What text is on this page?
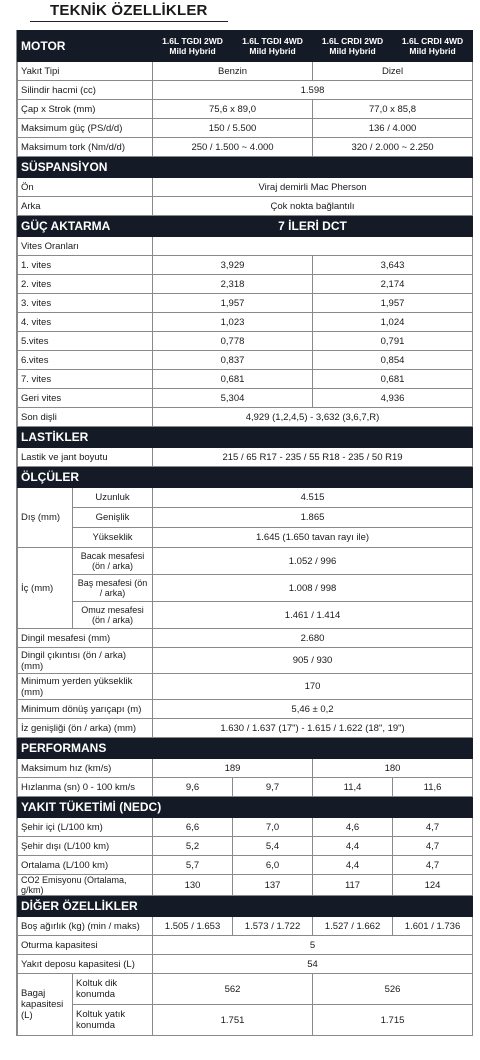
TEKNİK ÖZELLİKLER
MOTOR		1.6L TGDI 2WD Mild Hybrid	1.6L TGDI 4WD Mild Hybrid	1.6L CRDI 2WD Mild Hybrid	1.6L CRDI 4WD Mild Hybrid
Yakıt Tipi		Benzin		Dizel	
Silindir hacmi (cc)		1.598			
Çap x Strok (mm)		75,6 x 89,0		77,0 x 85,8	
Maksimum güç (PS/d/d)		150 / 5.500		136 / 4.000	
Maksimum tork (Nm/d/d)		250 / 1.500 ~ 4.000		320 / 2.000 ~ 2.250	
SÜSPANSİYON					
Ön		Viraj demirli Mac Pherson			
Arka		Çok nokta bağlantılı			
GÜÇ AKTARMA		7 İLERİ DCT			
Vites Oranları					
1. vites		3,929		3,643	
2. vites		2,318		2,174	
3. vites		1,957		1,957	
4. vites		1,023		1,024	
5.vites		0,778		0,791	
6.vites		0,837		0,854	
7. vites		0,681		0,681	
Geri vites		5,304		4,936	
Son dişli		4,929 (1,2,4,5) - 3,632 (3,6,7,R)			
LASTİKLER					
Lastik ve jant boyutu		215 / 65 R17 - 235 / 55 R18 - 235 / 50 R19			
ÖLÇÜLER					
Dış (mm)	Uzunluk	4.515			
	Genişlik	1.865			
	Yükseklik	1.645 (1.650 tavan rayı ile)			
İç (mm)	Bacak mesafesi (ön / arka)	1.052 / 996			
	Baş mesafesi (ön / arka)	1.008 / 998			
	Omuz mesafesi (ön / arka)	1.461 / 1.414			
Dingil mesafesi (mm)		2.680			
Dingil çıkıntısı (ön / arka) (mm)		905 / 930			
Minimum yerden yükseklik (mm)		170			
Minimum dönüş yarıçapı (m)		5,46 ± 0,2			
İz genişliği (ön / arka) (mm)		1.630 / 1.637 (17") - 1.615 / 1.622 (18", 19")			
PERFORMANS					
Maksimum hız (km/s)		189		180	
Hızlanma (sn) 0 - 100 km/s		9,6	9,7	11,4	11,6
YAKIT TÜKETİMİ (NEDC)					
Şehir içi (L/100 km)		6,6	7,0	4,6	4,7
Şehir dışı (L/100 km)		5,2	5,4	4,4	4,7
Ortalama (L/100 km)		5,7	6,0	4,4	4,7
CO2 Emisyonu (Ortalama, g/km)		130	137	117	124
DİĞER ÖZELLİKLER					
Boş ağırlık (kg) (min / maks)		1.505 / 1.653	1.573 / 1.722	1.527 / 1.662	1.601 / 1.736
Oturma kapasitesi		5			
Yakıt deposu kapasitesi (L)		54			
Bagaj kapasitesi (L)	Koltuk dik konumda	562		526	
	Koltuk yatık konumda	1.751		1.715	
